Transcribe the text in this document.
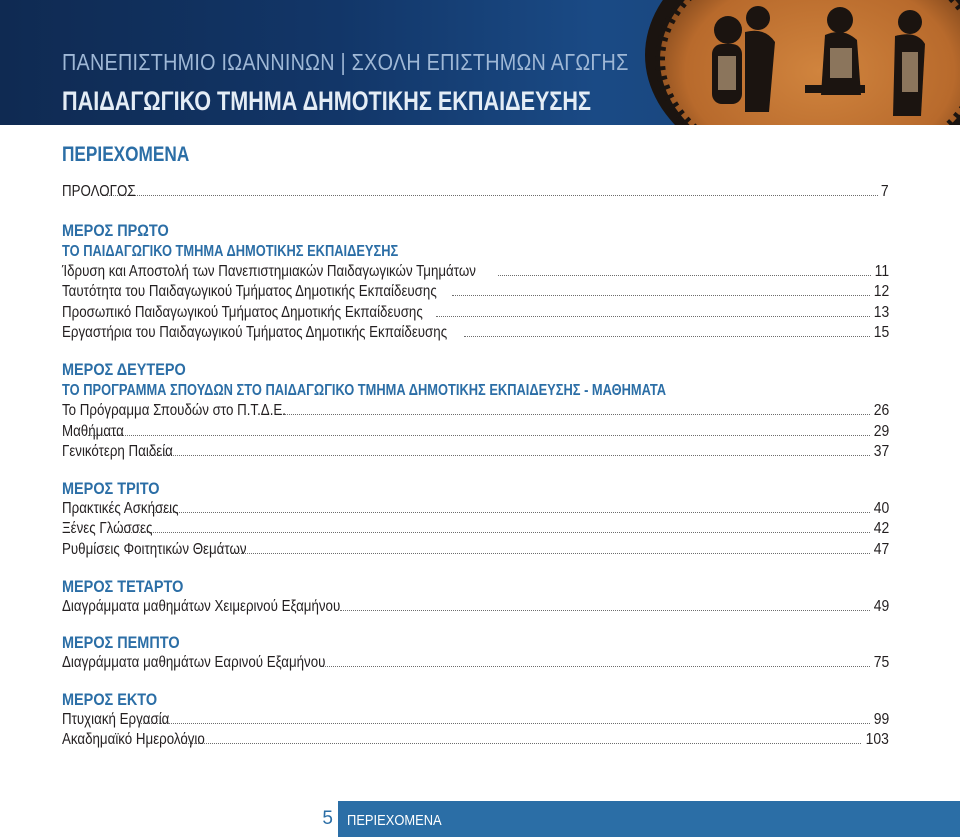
ΠΑΝΕΠΙΣΤΗΜΙΟ ΙΩΑΝΝΙΝΩΝ | ΣΧΟΛΗ ΕΠΙΣΤΗΜΩΝ ΑΓΩΓΗΣ
ΠΑΙΔΑΓΩΓΙΚΟ ΤΜΗΜΑ ΔΗΜΟΤΙΚΗΣ ΕΚΠΑΙΔΕΥΣΗΣ
ΠΕΡΙΕΧΟΜΕΝΑ
ΠΡΟΛΟΓΟΣ	7
ΜΕΡΟΣ ΠΡΩΤΟ
ΤΟ ΠΑΙΔΑΓΩΓΙΚΟ ΤΜΗΜΑ ΔΗΜΟΤΙΚΗΣ ΕΚΠΑΙΔΕΥΣΗΣ
Ίδρυση και Αποστολή των Πανεπιστημιακών Παιδαγωγικών Τμημάτων	11
Ταυτότητα του Παιδαγωγικού Τμήματος Δημοτικής Εκπαίδευσης	12
Προσωπικό Παιδαγωγικού Τμήματος Δημοτικής Εκπαίδευσης	13
Εργαστήρια του Παιδαγωγικού Τμήματος Δημοτικής Εκπαίδευσης	15
ΜΕΡΟΣ ΔΕΥΤΕΡΟ
ΤΟ ΠΡΟΓΡΑΜΜΑ ΣΠΟΥΔΩΝ ΣΤΟ ΠΑΙΔΑΓΩΓΙΚΟ ΤΜΗΜΑ ΔΗΜΟΤΙΚΗΣ ΕΚΠΑΙΔΕΥΣΗΣ - ΜΑΘΗΜΑΤΑ
Το Πρόγραμμα Σπουδών στο Π.Τ.Δ.Ε.	26
Μαθήματα	29
Γενικότερη Παιδεία	37
ΜΕΡΟΣ ΤΡΙΤΟ
Πρακτικές Ασκήσεις	40
Ξένες Γλώσσες	42
Ρυθμίσεις Φοιτητικών Θεμάτων	47
ΜΕΡΟΣ ΤΕΤΑΡΤΟ
Διαγράμματα μαθημάτων Χειμερινού Εξαμήνου	49
ΜΕΡΟΣ ΠΕΜΠΤΟ
Διαγράμματα μαθημάτων Εαρινού Εξαμήνου	75
ΜΕΡΟΣ ΕΚΤΟ
Πτυχιακή Εργασία	99
Ακαδημαϊκό Ημερολόγιο	103
5 ΠΕΡΙΕΧΟΜΕΝΑ
